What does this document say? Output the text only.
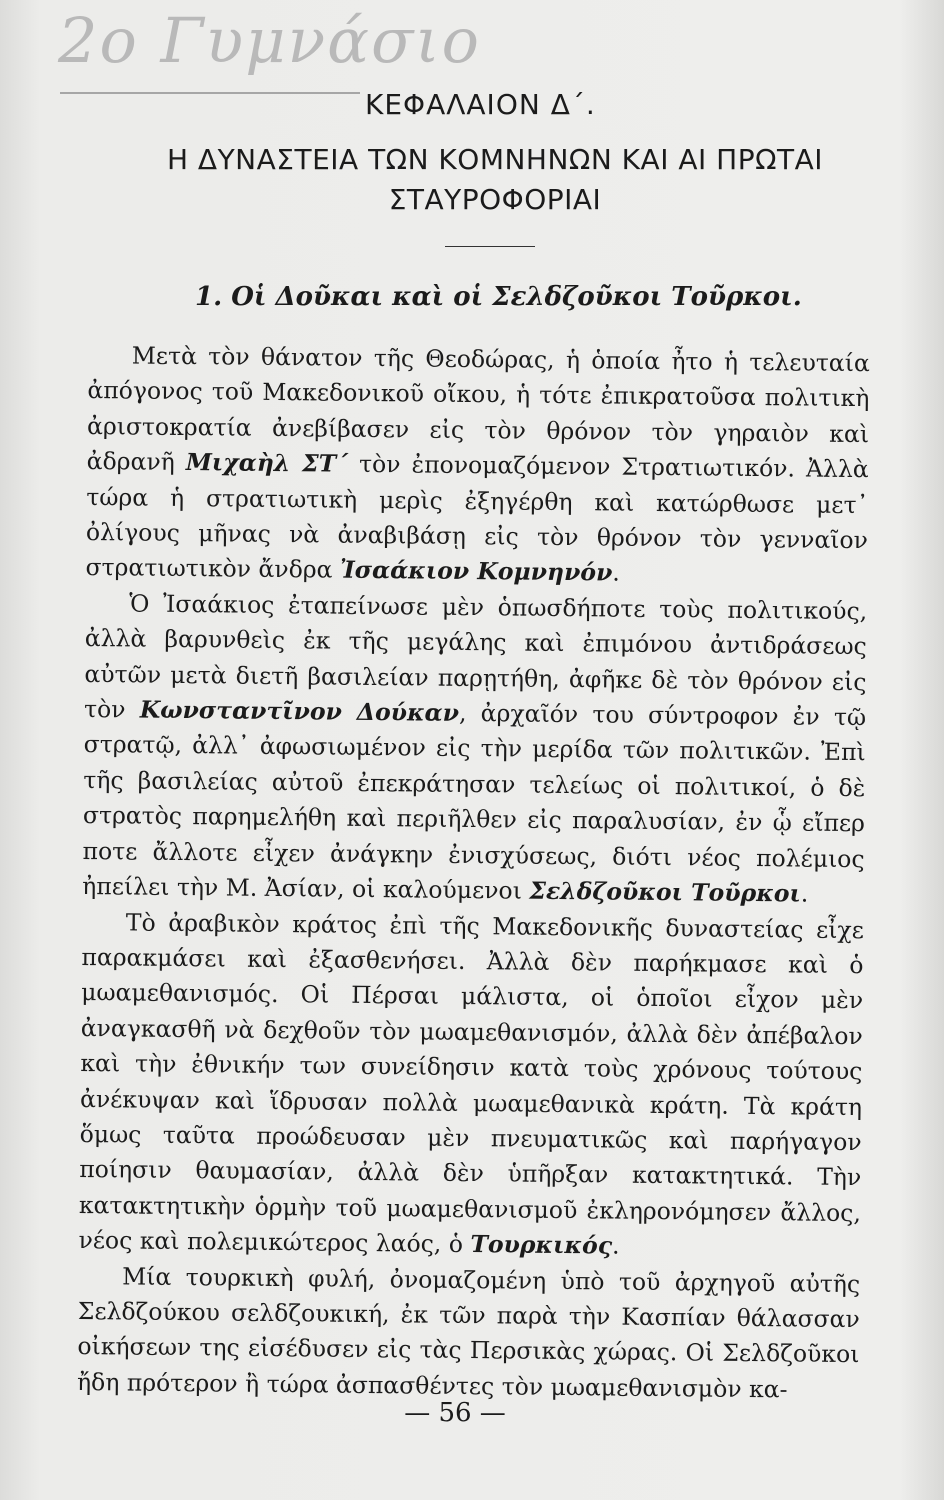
2ο Γυμνάσιο
ΚΕΦΑΛΑΙΟΝ Δ΄.
Η ΔΥΝΑΣΤΕΙΑ ΤΩΝ ΚΟΜΝΗΝΩΝ ΚΑΙ ΑΙ ΠΡΩΤΑΙ ΣΤΑΥΡΟΦΟΡΙΑΙ
1. Οἱ Δοῦκαι καὶ οἱ Σελδζοῦκοι Τοῦρκοι.

Μετὰ τὸν θάνατον τῆς Θεοδώρας, ἡ ὁποία ἦτο ἡ τελευταία ἀπόγονος τοῦ Μακεδονικοῦ οἴκου, ἡ τότε ἐπικρατοῦσα πολιτικὴ ἀριστοκρατία ἀνεβίβασεν εἰς τὸν θρόνον τὸν γηραιὸν καὶ ἀδρανῆ Μιχαὴλ ΣΤ΄ τὸν ἐπονομαζόμενον Στρατιωτικόν. Ἀλλὰ τώρα ἡ στρατιωτικὴ μερὶς ἐξηγέρθη καὶ κατώρθωσε μετ᾽ ὀλίγους μῆνας νὰ ἀναβιβάσῃ εἰς τὸν θρόνον τὸν γενναῖον στρατιωτικὸν ἄνδρα Ἰσαάκιον Κομνηνόν.

Ὁ Ἰσαάκιος ἐταπείνωσε μὲν ὁπωσδήποτε τοὺς πολιτικούς, ἀλλὰ βαρυνθεὶς ἐκ τῆς μεγάλης καὶ ἐπιμόνου ἀντιδράσεως αὐτῶν μετὰ διετῆ βασιλείαν παρῃτήθη, ἀφῆκε δὲ τὸν θρόνον εἰς τὸν Κωνσταντῖνον Δούκαν, ἀρχαῖόν του σύντροφον ἐν τῷ στρατῷ, ἀλλ᾽ ἀφωσιωμένον εἰς τὴν μερίδα τῶν πολιτικῶν. Ἐπὶ τῆς βασιλείας αὐτοῦ ἐπεκράτησαν τελείως οἱ πολιτικοί, ὁ δὲ στρατὸς παρημελήθη καὶ περιῆλθεν εἰς παραλυσίαν, ἐν ᾧ εἴπερ ποτε ἄλλοτε εἶχεν ἀνάγκην ἐνισχύσεως, διότι νέος πολέμιος ἠπείλει τὴν Μ. Ἀσίαν, οἱ καλούμενοι Σελδζοῦκοι Τοῦρκοι.

Τὸ ἀραβικὸν κράτος ἐπὶ τῆς Μακεδονικῆς δυναστείας εἶχε παρακμάσει καὶ ἐξασθενήσει. Ἀλλὰ δὲν παρήκμασε καὶ ὁ μωαμεθανισμός. Οἱ Πέρσαι μάλιστα, οἱ ὁποῖοι εἶχον μὲν ἀναγκασθῆ νὰ δεχθοῦν τὸν μωαμεθανισμόν, ἀλλὰ δὲν ἀπέβαλον καὶ τὴν ἐθνικήν των συνείδησιν κατὰ τοὺς χρόνους τούτους ἀνέκυψαν καὶ ἵδρυσαν πολλὰ μωαμεθανικὰ κράτη. Τὰ κράτη ὅμως ταῦτα προώδευσαν μὲν πνευματικῶς καὶ παρήγαγον ποίησιν θαυμασίαν, ἀλλὰ δὲν ὑπῆρξαν κατακτητικά. Τὴν κατακτητικὴν ὁρμὴν τοῦ μωαμεθανισμοῦ ἐκληρονόμησεν ἄλλος, νέος καὶ πολεμικώτερος λαός, ὁ Τουρκικός.

Μία τουρκικὴ φυλή, ὀνομαζομένη ὑπὸ τοῦ ἀρχηγοῦ αὐτῆς Σελδζούκου σελδζουκική, ἐκ τῶν παρὰ τὴν Κασπίαν θάλασσαν οἰκήσεων της εἰσέδυσεν εἰς τὰς Περσικὰς χώρας. Οἱ Σελδζοῦκοι ἤδη πρότερον ἢ τώρα ἀσπασθέντες τὸν μωαμεθανισμὸν κα-

— 56 —
